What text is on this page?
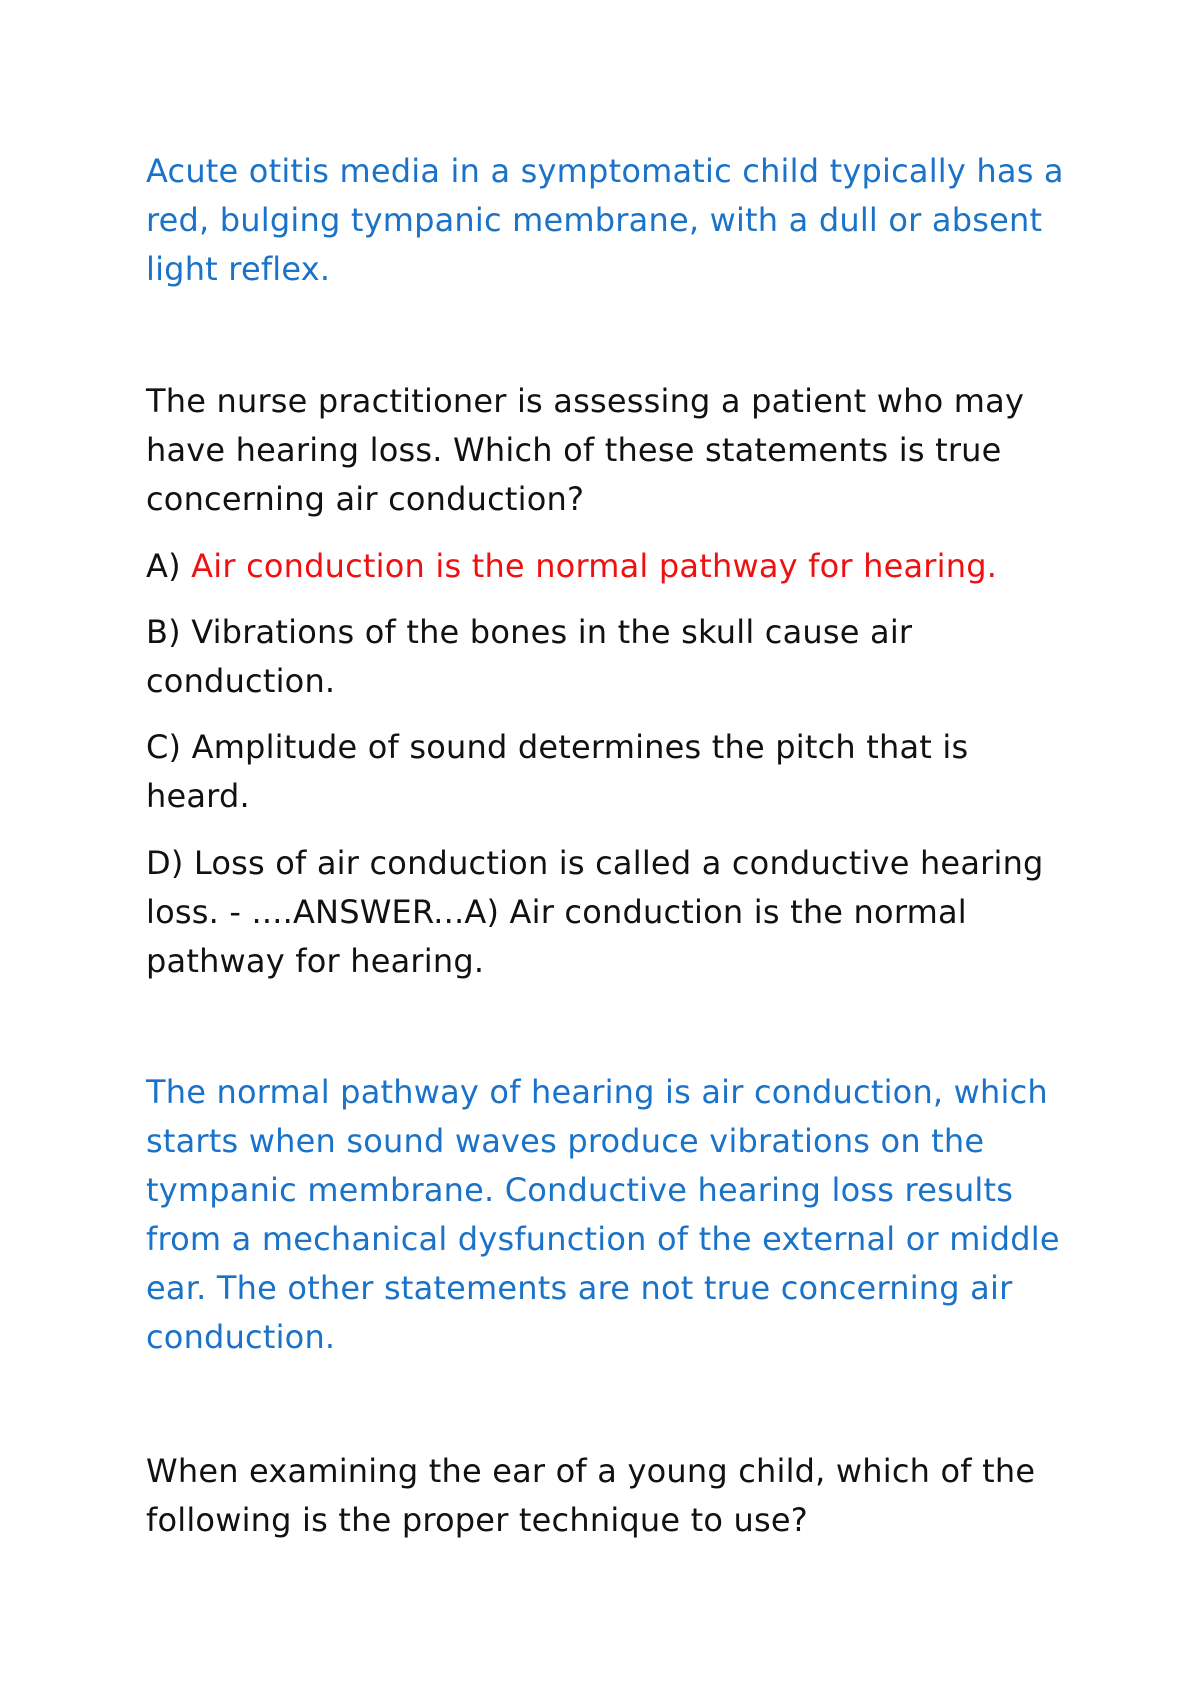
Acute otitis media in a symptomatic child typically has a red, bulging tympanic membrane, with a dull or absent light reflex.

The nurse practitioner is assessing a patient who may have hearing loss. Which of these statements is true concerning air conduction?

A) Air conduction is the normal pathway for hearing.

B) Vibrations of the bones in the skull cause air conduction.

C) Amplitude of sound determines the pitch that is heard.

D) Loss of air conduction is called a conductive hearing loss. - ....ANSWER...A) Air conduction is the normal pathway for hearing.

The normal pathway of hearing is air conduction, which starts when sound waves produce vibrations on the tympanic membrane. Conductive hearing loss results from a mechanical dysfunction of the external or middle ear. The other statements are not true concerning air conduction.

When examining the ear of a young child, which of the following is the proper technique to use?
